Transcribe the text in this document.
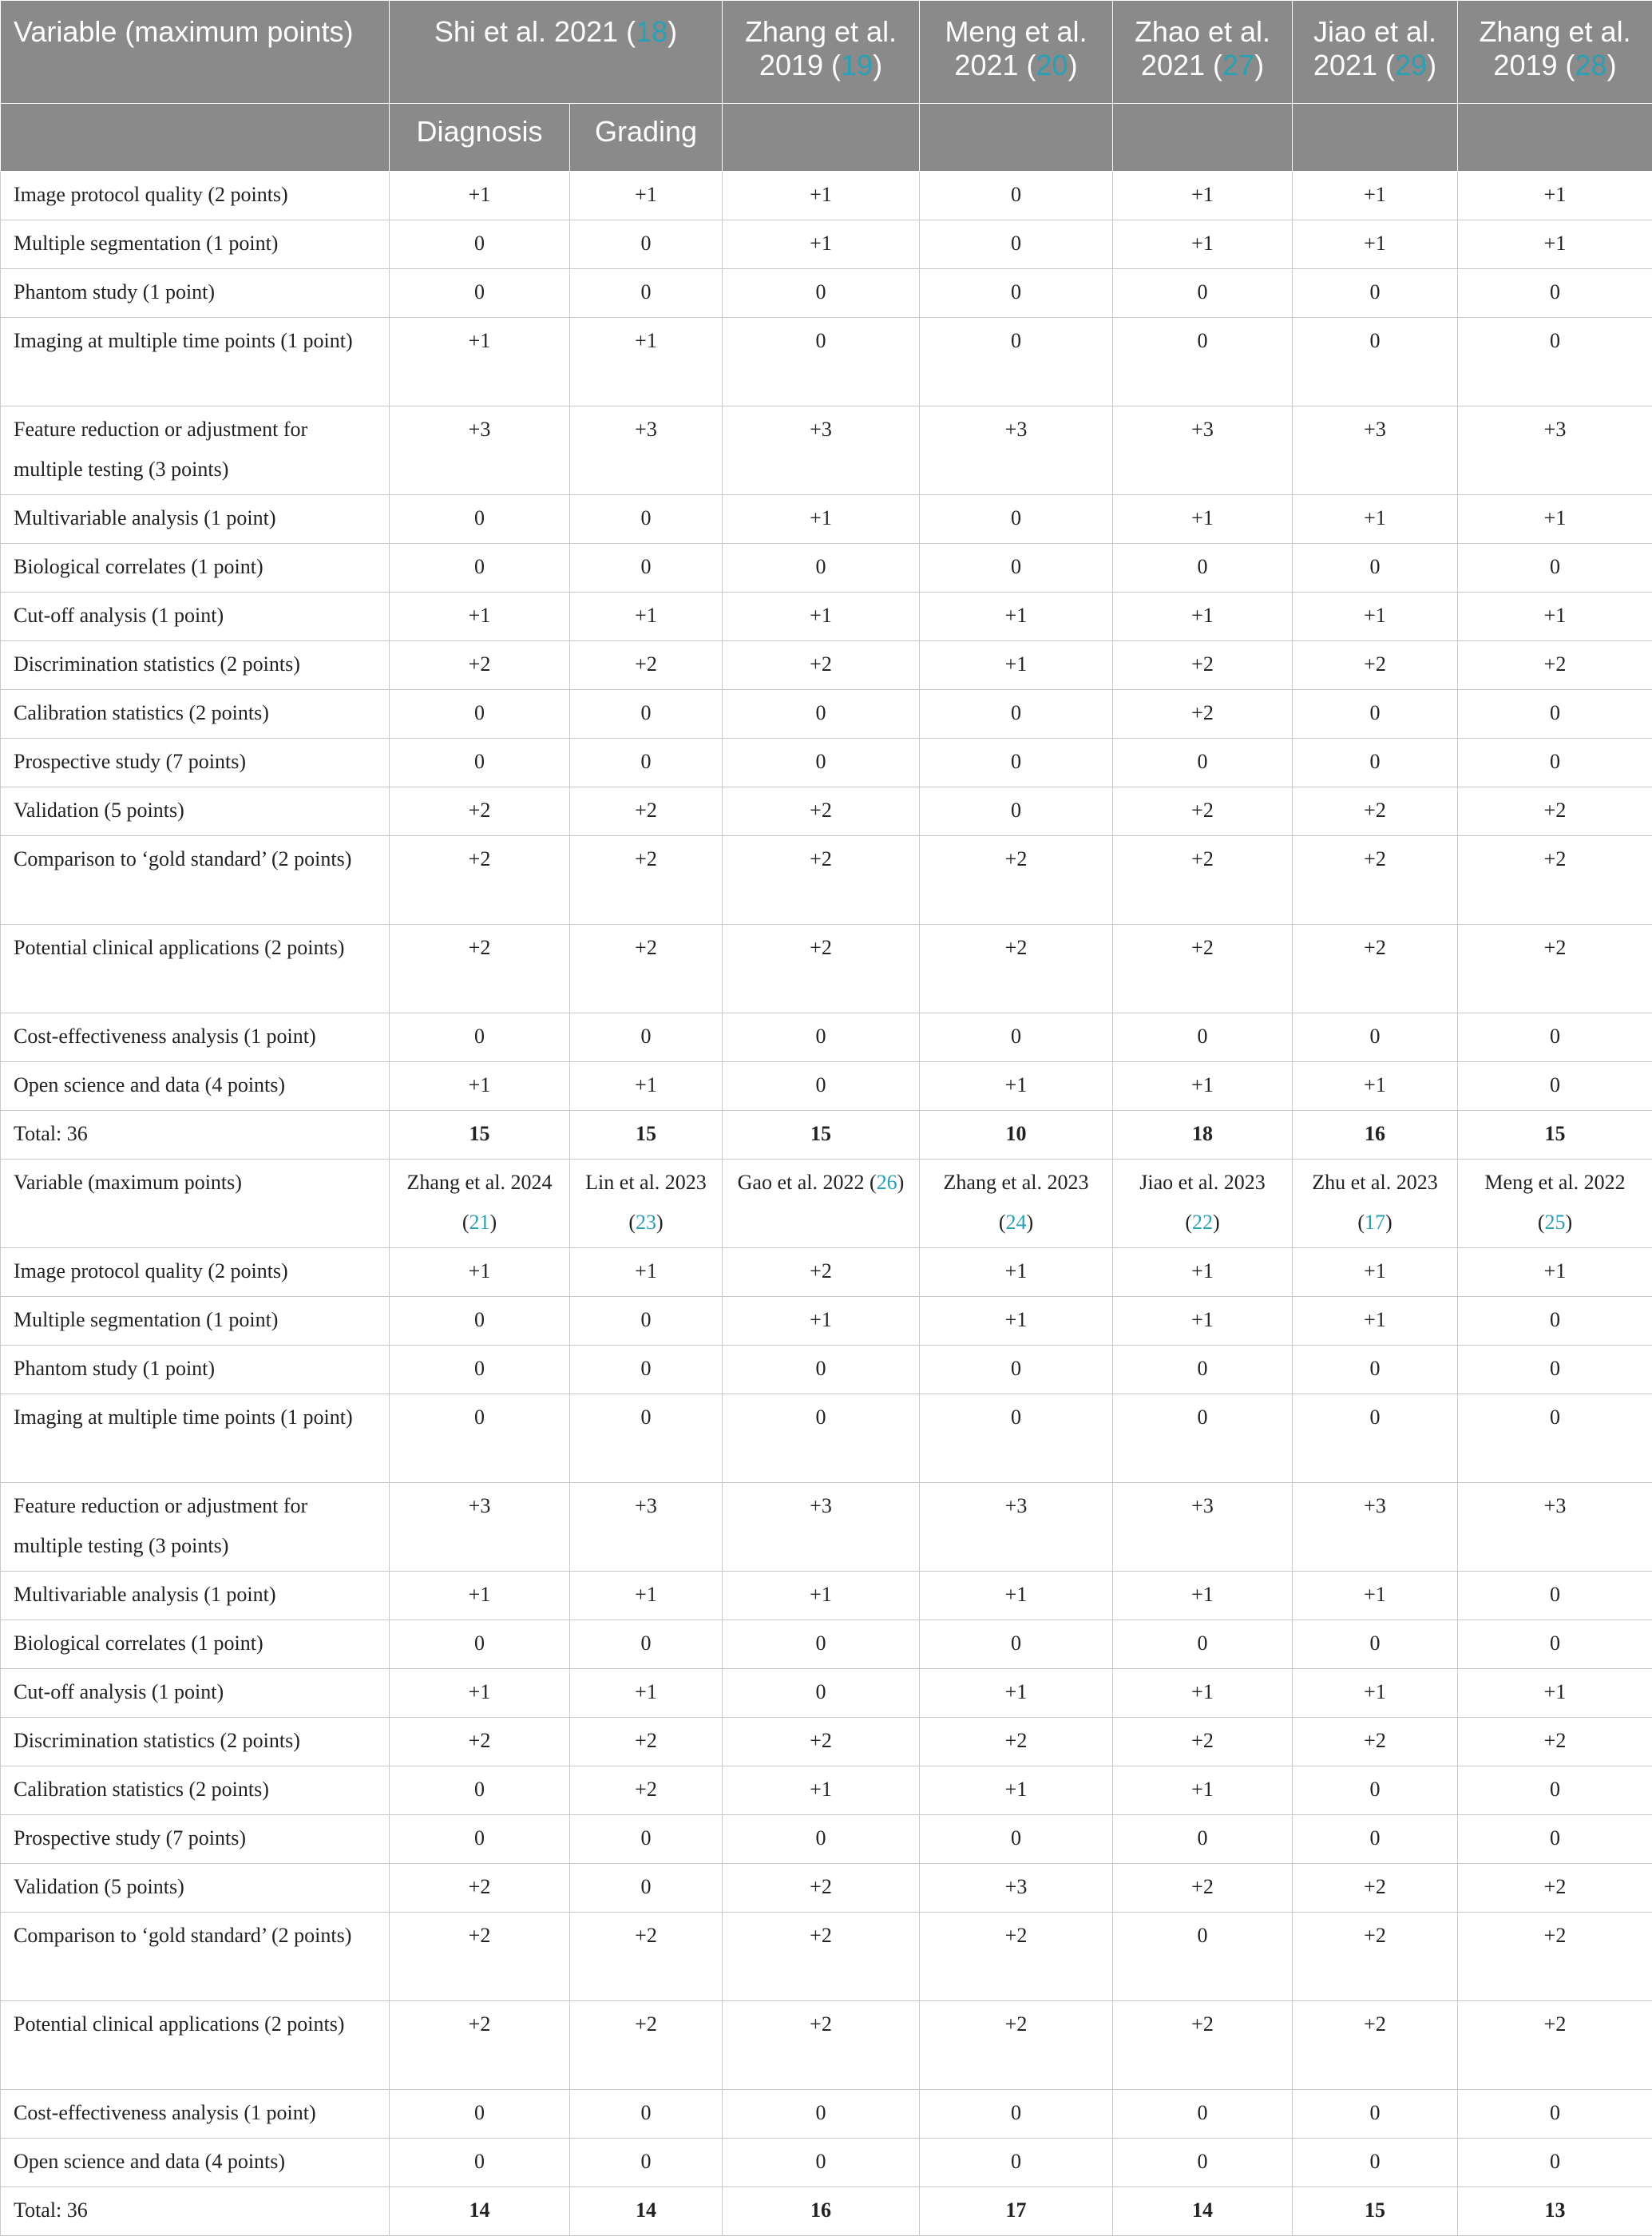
Variable (maximum points)	Shi et al. 2021 (18)		Zhang et al. 2019 (19)	Meng et al. 2021 (20)	Zhao et al. 2021 (27)	Jiao et al. 2021 (29)	Zhang et al. 2019 (28)
	Diagnosis	Grading					
Image protocol quality (2 points)	+1	+1	+1	0	+1	+1	+1
Multiple segmentation (1 point)	0	0	+1	0	+1	+1	+1
Phantom study (1 point)	0	0	0	0	0	0	0
Imaging at multiple time points (1 point)	+1	+1	0	0	0	0	0
Feature reduction or adjustment for multiple testing (3 points)	+3	+3	+3	+3	+3	+3	+3
Multivariable analysis (1 point)	0	0	+1	0	+1	+1	+1
Biological correlates (1 point)	0	0	0	0	0	0	0
Cut-off analysis (1 point)	+1	+1	+1	+1	+1	+1	+1
Discrimination statistics (2 points)	+2	+2	+2	+1	+2	+2	+2
Calibration statistics (2 points)	0	0	0	0	+2	0	0
Prospective study (7 points)	0	0	0	0	0	0	0
Validation (5 points)	+2	+2	+2	0	+2	+2	+2
Comparison to ‘gold standard’ (2 points)	+2	+2	+2	+2	+2	+2	+2
Potential clinical applications (2 points)	+2	+2	+2	+2	+2	+2	+2
Cost-effectiveness analysis (1 point)	0	0	0	0	0	0	0
Open science and data (4 points)	+1	+1	0	+1	+1	+1	0
Total: 36	15	15	15	10	18	16	15
Variable (maximum points)	Zhang et al. 2024 (21)	Lin et al. 2023 (23)	Gao et al. 2022 (26)	Zhang et al. 2023 (24)	Jiao et al. 2023 (22)	Zhu et al. 2023 (17)	Meng et al. 2022 (25)
Image protocol quality (2 points)	+1	+1	+2	+1	+1	+1	+1
Multiple segmentation (1 point)	0	0	+1	+1	+1	+1	0
Phantom study (1 point)	0	0	0	0	0	0	0
Imaging at multiple time points (1 point)	0	0	0	0	0	0	0
Feature reduction or adjustment for multiple testing (3 points)	+3	+3	+3	+3	+3	+3	+3
Multivariable analysis (1 point)	+1	+1	+1	+1	+1	+1	0
Biological correlates (1 point)	0	0	0	0	0	0	0
Cut-off analysis (1 point)	+1	+1	0	+1	+1	+1	+1
Discrimination statistics (2 points)	+2	+2	+2	+2	+2	+2	+2
Calibration statistics (2 points)	0	+2	+1	+1	+1	0	0
Prospective study (7 points)	0	0	0	0	0	0	0
Validation (5 points)	+2	0	+2	+3	+2	+2	+2
Comparison to ‘gold standard’ (2 points)	+2	+2	+2	+2	0	+2	+2
Potential clinical applications (2 points)	+2	+2	+2	+2	+2	+2	+2
Cost-effectiveness analysis (1 point)	0	0	0	0	0	0	0
Open science and data (4 points)	0	0	0	0	0	0	0
Total: 36	14	14	16	17	14	15	13
